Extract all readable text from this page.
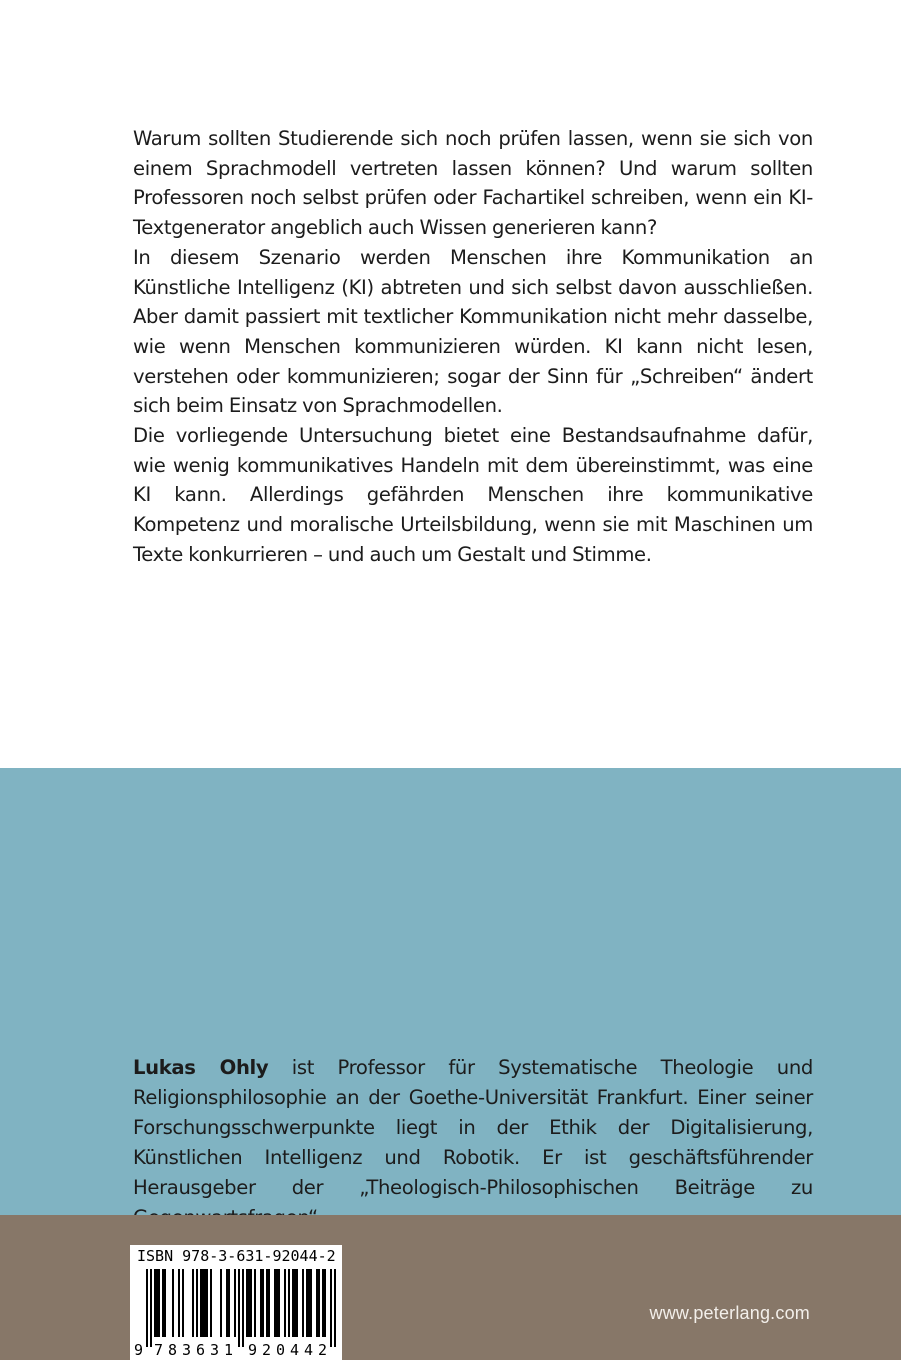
Warum sollten Studierende sich noch prüfen lassen, wenn sie sich von einem Sprachmodell vertreten lassen können? Und warum sollten Professoren noch selbst prüfen oder Fachartikel schreiben, wenn ein KI-Textgenerator angeblich auch Wissen generieren kann?

In diesem Szenario werden Menschen ihre Kommunikation an Künstliche Intelligenz (KI) abtreten und sich selbst davon ausschließen. Aber damit passiert mit textlicher Kommunikation nicht mehr dasselbe, wie wenn Menschen kommunizieren würden. KI kann nicht lesen, verstehen oder kommunizieren; sogar der Sinn für „Schreiben“ ändert sich beim Einsatz von Sprachmodellen.

Die vorliegende Untersuchung bietet eine Bestandsaufnahme dafür, wie wenig kommunikatives Handeln mit dem übereinstimmt, was eine KI kann. Allerdings gefährden Menschen ihre kommunikative Kompetenz und moralische Urteilsbildung, wenn sie mit Maschinen um Texte konkurrieren – und auch um Gestalt und Stimme.

Lukas Ohly ist Professor für Systematische Theologie und Religionsphilosophie an der Goethe-Universität Frankfurt. Einer seiner Forschungsschwerpunkte liegt in der Ethik der Digitalisierung, Künstlichen Intelligenz und Robotik. Er ist geschäftsführender Herausgeber der „Theologisch-Philosophischen Beiträge zu

ISBN 978-3-631-92044-2
9 7	9
8	2
3	0
6	4
3	4
1	2
www.peterlang.com
